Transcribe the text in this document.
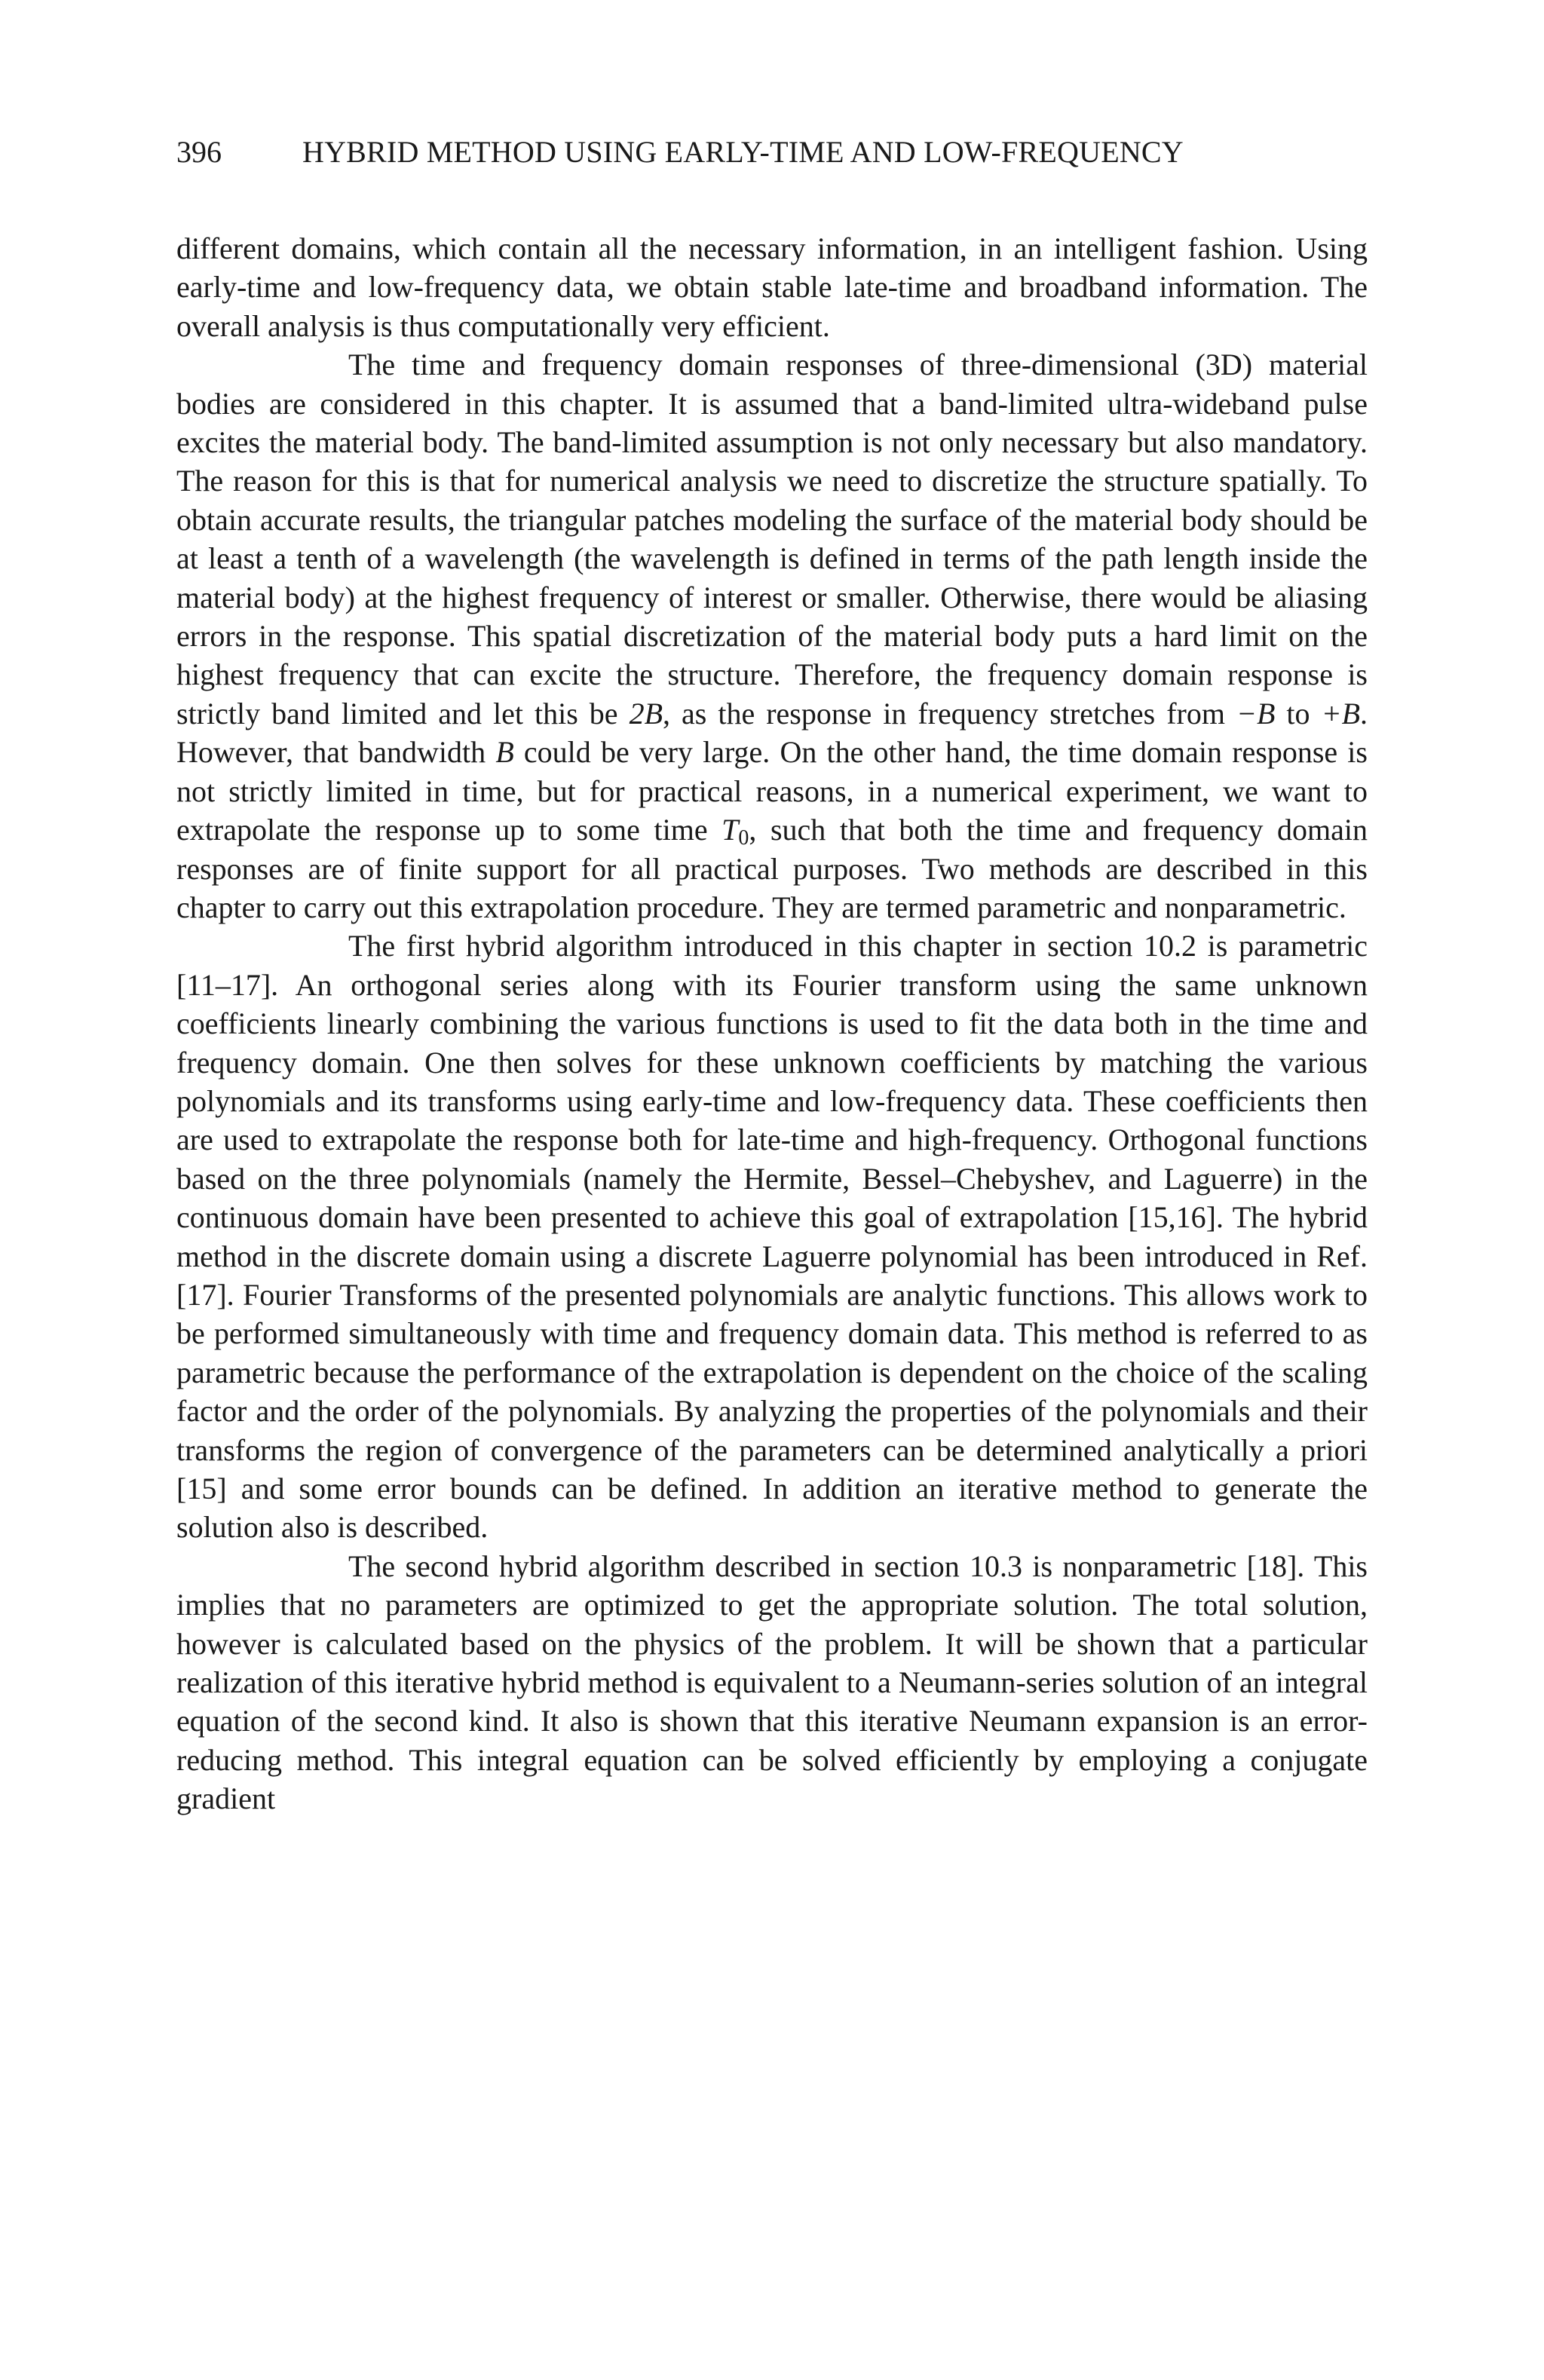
396	HYBRID METHOD USING EARLY-TIME AND LOW-FREQUENCY

different domains, which contain all the necessary information, in an intelligent fashion. Using early-time and low-frequency data, we obtain stable late-time and broadband information. The overall analysis is thus computationally very efficient.

The time and frequency domain responses of three-dimensional (3D) material bodies are considered in this chapter. It is assumed that a band-limited ultra-wideband pulse excites the material body. The band-limited assumption is not only necessary but also mandatory. The reason for this is that for numerical analysis we need to discretize the structure spatially. To obtain accurate results, the triangular patches modeling the surface of the material body should be at least a tenth of a wavelength (the wavelength is defined in terms of the path length inside the material body) at the highest frequency of interest or smaller. Otherwise, there would be aliasing errors in the response. This spatial discretization of the material body puts a hard limit on the highest frequency that can excite the structure. Therefore, the frequency domain response is strictly band limited and let this be 2B, as the response in frequency stretches from −B to +B. However, that bandwidth B could be very large. On the other hand, the time domain response is not strictly limited in time, but for practical reasons, in a numerical experiment, we want to extrapolate the response up to some time $T_0$, such that both the time and frequency domain responses are of finite support for all practical purposes. Two methods are described in this chapter to carry out this extrapolation procedure. They are termed parametric and nonparametric.

The first hybrid algorithm introduced in this chapter in section 10.2 is parametric [11–17]. An orthogonal series along with its Fourier transform using the same unknown coefficients linearly combining the various functions is used to fit the data both in the time and frequency domain. One then solves for these unknown coefficients by matching the various polynomials and its transforms using early-time and low-frequency data. These coefficients then are used to extrapolate the response both for late-time and high-frequency. Orthogonal functions based on the three polynomials (namely the Hermite, Bessel–Chebyshev, and Laguerre) in the continuous domain have been presented to achieve this goal of extrapolation [15,16]. The hybrid method in the discrete domain using a discrete Laguerre polynomial has been introduced in Ref. [17]. Fourier Transforms of the presented polynomials are analytic functions. This allows work to be performed simultaneously with time and frequency domain data. This method is referred to as parametric because the performance of the extrapolation is dependent on the choice of the scaling factor and the order of the polynomials. By analyzing the properties of the polynomials and their transforms the region of convergence of the parameters can be determined analytically a priori [15] and some error bounds can be defined. In addition an iterative method to generate the solution also is described.

The second hybrid algorithm described in section 10.3 is nonparametric [18]. This implies that no parameters are optimized to get the appropriate solution. The total solution, however is calculated based on the physics of the problem. It will be shown that a particular realization of this iterative hybrid method is equivalent to a Neumann-series solution of an integral equation of the second kind. It also is shown that this iterative Neumann expansion is an error-reducing method. This integral equation can be solved efficiently by employing a conjugate gradient
